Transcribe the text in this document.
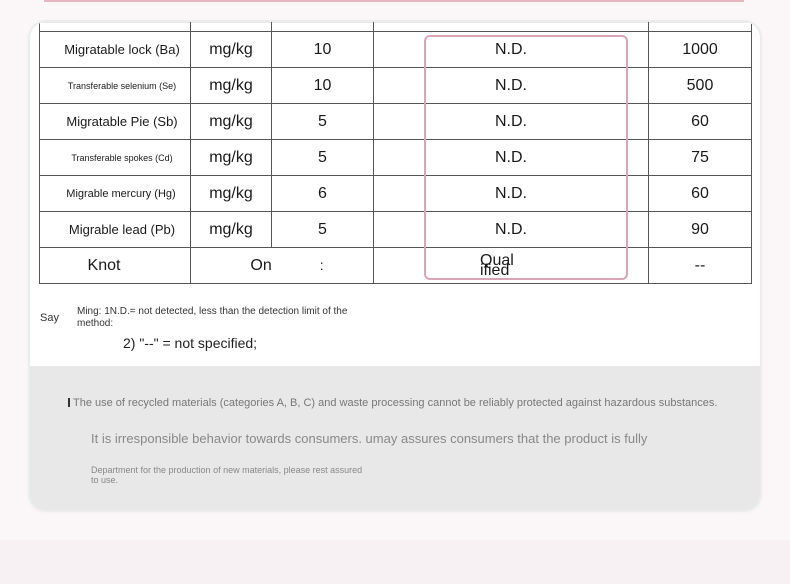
Migratable lock (Ba)	mg/kg	10	N.D.	1000
Transferable selenium (Se)	mg/kg	10	N.D.	500
Migratable Pie (Sb)	mg/kg	5	N.D.	60
Transferable spokes (Cd)	mg/kg	5	N.D.	75
Migrable mercury (Hg)	mg/kg	6	N.D.	60
Migrable lead (Pb)	mg/kg	5	N.D.	90
Knot	On :		Qualified	--
Say
Ming: 1N.D.= not detected, less than the detection limit of the method:
2) "--" = not specified;
The use of recycled materials (categories A, B, C) and waste processing cannot be reliably protected against hazardous substances.
It is irresponsible behavior towards consumers. umay assures consumers that the product is fully
Department for the production of new materials, please rest assured to use.
